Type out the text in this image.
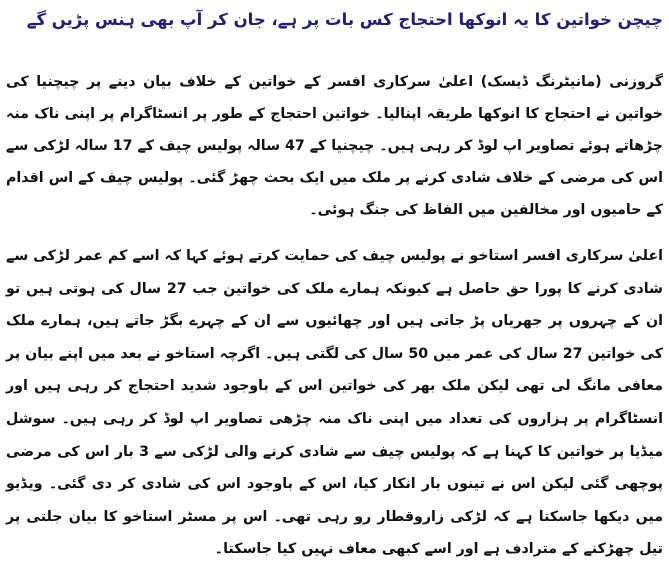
چیچن خواتین کا یہ انوکھا احتجاج کس بات پر ہے، جان کر آپ بھی ہنس پڑیں گے

گروزنی (مانیٹرنگ ڈیسک) اعلیٰ سرکاری افسر کے خواتین کے خلاف بیان دینے پر چیچنیا کی خواتین نے احتجاج کا انوکھا طریقہ اپنالیا۔ خواتین احتجاج کے طور پر انسٹاگرام پر اپنی ناک منہ چڑھاتے ہوئے تصاویر اپ لوڈ کر رہی ہیں۔ چیچنیا کے 47 سالہ پولیس چیف کے 17 سالہ لڑکی سے اس کی مرضی کے خلاف شادی کرنے پر ملک میں ایک بحث چھڑ گئی۔ پولیس چیف کے اس اقدام کے حامیوں اور مخالفین میں الفاظ کی جنگ ہوئی۔

اعلیٰ سرکاری افسر استاخو نے پولیس چیف کی حمایت کرتے ہوئے کہا کہ اسے کم عمر لڑکی سے شادی کرنے کا پورا حق حاصل ہے کیونکہ ہمارے ملک کی خواتین جب 27 سال کی ہوتی ہیں تو ان کے چہروں پر جھریاں پڑ جاتی ہیں اور چھائیوں سے ان کے چہرے بگڑ جاتے ہیں، ہمارے ملک کی خواتین 27 سال کی عمر میں 50 سال کی لگتی ہیں۔ اگرچہ استاخو نے بعد میں اپنے بیان پر معافی مانگ لی تھی لیکن ملک بھر کی خواتین اس کے باوجود شدید احتجاج کر رہی ہیں اور انسٹاگرام پر ہزاروں کی تعداد میں اپنی ناک منہ چڑھی تصاویر اپ لوڈ کر رہی ہیں۔ سوشل میڈیا پر خواتین کا کہنا ہے کہ پولیس چیف سے شادی کرنے والی لڑکی سے 3 بار اس کی مرضی پوچھی گئی لیکن اس نے تینوں بار انکار کیا، اس کے باوجود اس کی شادی کر دی گئی۔ ویڈیو میں دیکھا جاسکتا ہے کہ لڑکی زاروقطار رو رہی تھی۔ اس پر مسٹر استاخو کا بیان جلتی پر تیل چھڑکنے کے مترادف ہے اور اسے کبھی معاف نہیں کیا جاسکتا۔
